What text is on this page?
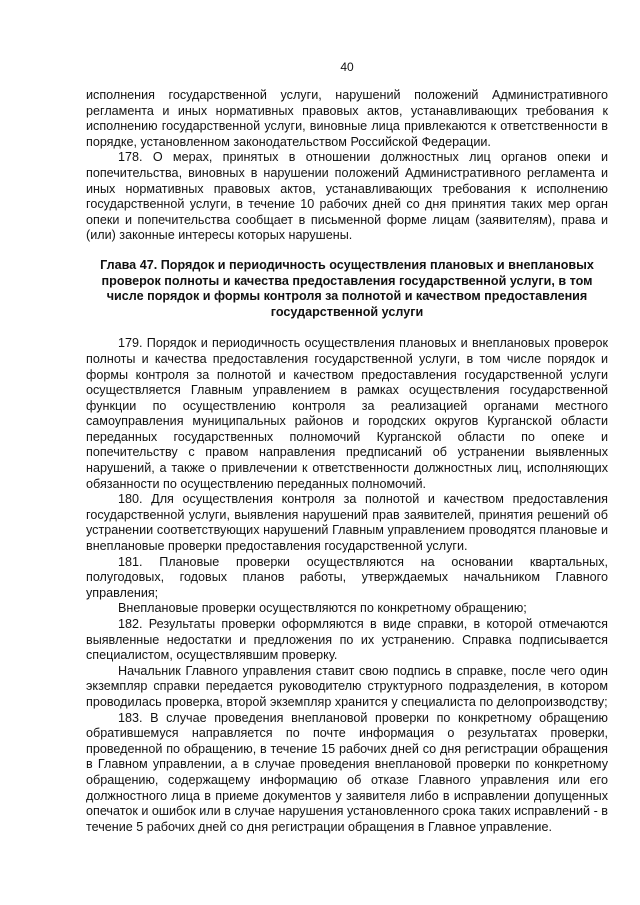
40

исполнения государственной услуги, нарушений положений Административного регламента и иных нормативных правовых актов, устанавливающих требования к исполнению государственной услуги, виновные лица привлекаются к ответственности в порядке, установленном законодательством Российской Федерации.

178. О мерах, принятых в отношении должностных лиц органов опеки и попечительства, виновных в нарушении положений Административного регламента и иных нормативных правовых актов, устанавливающих требования к исполнению государственной услуги, в течение 10 рабочих дней со дня принятия таких мер орган опеки и попечительства сообщает в письменной форме лицам (заявителям), права и (или) законные интересы которых нарушены.

Глава 47. Порядок и периодичность осуществления плановых и внеплановых проверок полноты и качества предоставления государственной услуги, в том числе порядок и формы контроля за полнотой и качеством предоставления государственной услуги

179. Порядок и периодичность осуществления плановых и внеплановых проверок полноты и качества предоставления государственной услуги, в том числе порядок и формы контроля за полнотой и качеством предоставления государственной услуги осуществляется Главным управлением в рамках осуществления государственной функции по осуществлению контроля за реализацией органами местного самоуправления муниципальных районов и городских округов Курганской области переданных государственных полномочий Курганской области по опеке и попечительству с правом направления предписаний об устранении выявленных нарушений, а также о привлечении к ответственности должностных лиц, исполняющих обязанности по осуществлению переданных полномочий.

180. Для осуществления контроля за полнотой и качеством предоставления государственной услуги, выявления нарушений прав заявителей, принятия решений об устранении соответствующих нарушений Главным управлением проводятся плановые и внеплановые проверки предоставления государственной услуги.

181. Плановые проверки осуществляются на основании квартальных, полугодовых, годовых планов работы, утверждаемых начальником Главного управления;

Внеплановые проверки осуществляются по конкретному обращению;

182. Результаты проверки оформляются в виде справки, в которой отмечаются выявленные недостатки и предложения по их устранению. Справка подписывается специалистом, осуществлявшим проверку.

Начальник Главного управления ставит свою подпись в справке, после чего один экземпляр справки передается руководителю структурного подразделения, в котором проводилась проверка, второй экземпляр хранится у специалиста по делопроизводству;

183. В случае проведения внеплановой проверки по конкретному обращению обратившемуся направляется по почте информация о результатах проверки, проведенной по обращению, в течение 15 рабочих дней со дня регистрации обращения в Главном управлении, а в случае проведения внеплановой проверки по конкретному обращению, содержащему информацию об отказе Главного управления или его должностного лица в приеме документов у заявителя либо в исправлении допущенных опечаток и ошибок или в случае нарушения установленного срока таких исправлений - в течение 5 рабочих дней со дня регистрации обращения в Главное управление.
